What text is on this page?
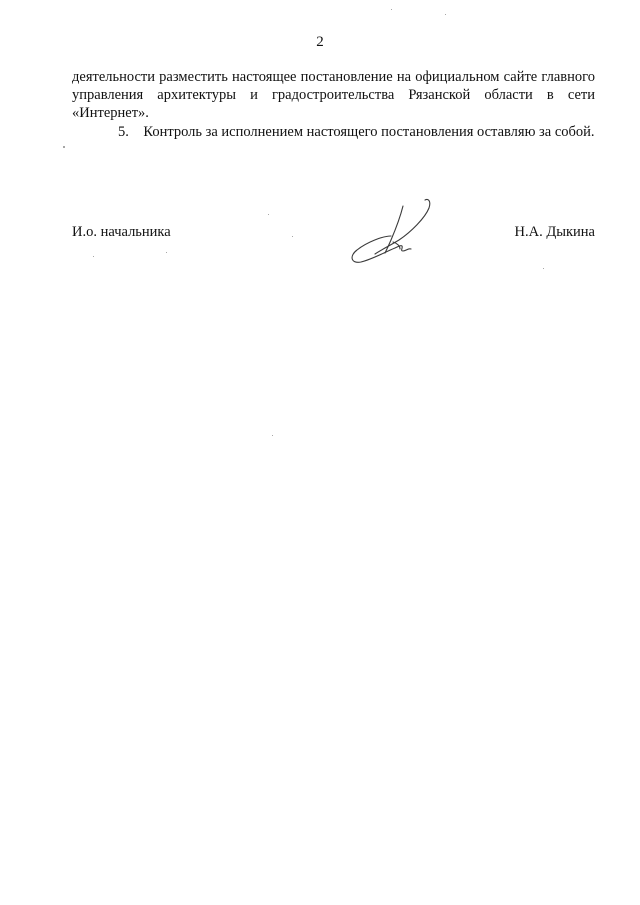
2

деятельности разместить настоящее постановление на официальном сайте главного управления архитектуры и градостроительства Рязанской области в сети «Интернет».

5.    Контроль за исполнением настоящего постановления оставляю за собой.

И.о. начальника	Н.А. Дыкина
